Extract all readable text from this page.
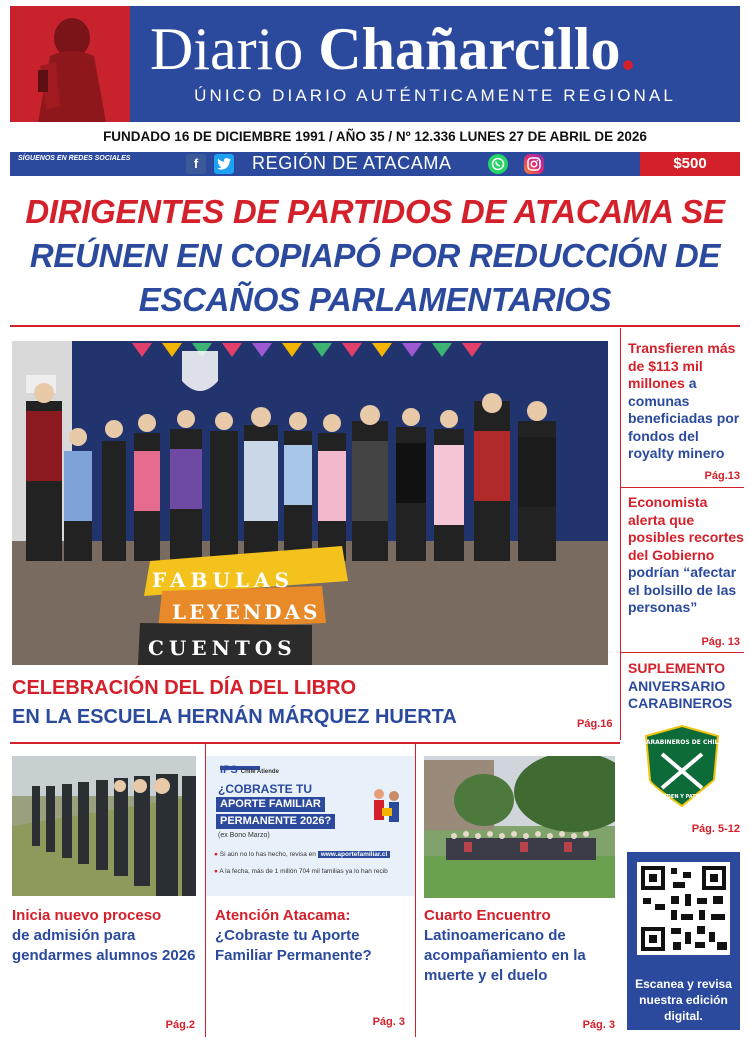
Diario Chañarcillo.
ÚNICO DIARIO AUTÉNTICAMENTE REGIONAL
FUNDADO 16 DE DICIEMBRE 1991 / AÑO 35 / Nº 12.336 LUNES 27 DE ABRIL DE 2026
SÍGUENOS EN REDES SOCIALES	f	REGIÓN DE ATACAMA	$500
DIRIGENTES DE PARTIDOS DE ATACAMA SE
REÚNEN EN COPIAPÓ POR REDUCCIÓN DE
ESCAÑOS PARLAMENTARIOS
FABULAS
LEYENDAS
CUENTOS
CELEBRACIÓN DEL DÍA DEL LIBRO
EN LA ESCUELA HERNÁN MÁRQUEZ HUERTA	Pág.16
Transfieren más de $113 mil millones a comunas beneficiadas por fondos del royalty minero
Pág.13
Economista alerta que posibles recortes del Gobierno podrían “afectar el bolsillo de las personas”
Pág. 13
SUPLEMENTO
ANIVERSARIO CARABINEROS
CARABINEROS DE CHILE
ORDEN Y PATRIA
Pág. 5-12
Escanea y revisa nuestra edición digital.
Inicia nuevo proceso
de admisión para gendarmes alumnos 2026
Pág.2
IPS Chile Atiende
¿COBRASTE TU
APORTE FAMILIAR
PERMANENTE 2026?
(ex Bono Marzo)
● Si aún no lo has hecho, revisa en www.aportefamiliar.cl
● A la fecha, más de 1 millón 704 mil familias ya lo han recib
Atención Atacama:
¿Cobraste tu Aporte Familiar Permanente?
Pág. 3
Cuarto Encuentro
Latinoamericano de acompañamiento en la muerte y el duelo
Pág. 3
